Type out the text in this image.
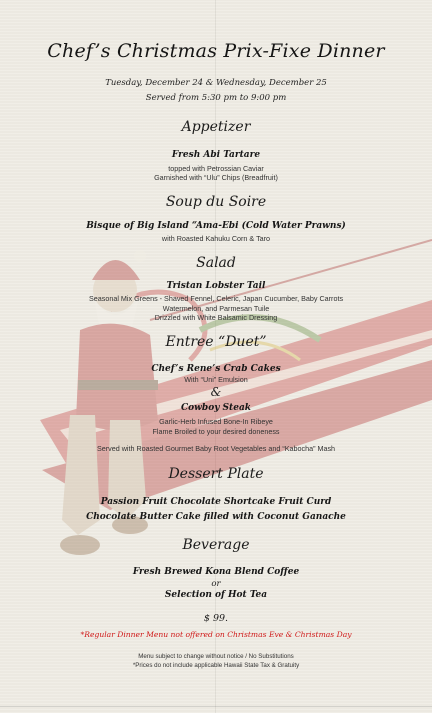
Chef’s Christmas Prix-Fixe Dinner
Tuesday, December 24 & Wednesday, December 25
Served from 5:30 pm to 9:00 pm
Appetizer
Fresh Abi Tartare
topped with Petrossian Caviar
Garnished with “Ulu” Chips (Breadfruit)
Soup du Soire
Bisque of Big Island “Ama-Ebi (Cold Water Prawns)
with Roasted Kahuku Corn & Taro
Salad
Tristan Lobster Tail
Seasonal Mix Greens - Shaved Fennel, Celeric, Japan Cucumber, Baby Carrots
Watermelon, and Parmesan Tuile
Drizzled with White Balsamic Dressing
Entree “Duet”
Chef’s Rene’s Crab Cakes
With “Uni” Emulsion
&
Cowboy Steak
Garlic-Herb Infused Bone-In Ribeye
Flame Broiled to your desired doneness
Served with Roasted Gourmet Baby Root Vegetables and “Kabocha” Mash
Dessert Plate
Passion Fruit Chocolate Shortcake Fruit Curd
Chocolate Butter Cake filled with Coconut Ganache
Beverage
Fresh Brewed Kona Blend Coffee
or
Selection of Hot Tea
$ 99.
*Regular Dinner Menu not offered on Christmas Eve & Christmas Day
Menu subject to change without notice / No Substitutions
*Prices do not include applicable Hawaii State Tax & Gratuity
